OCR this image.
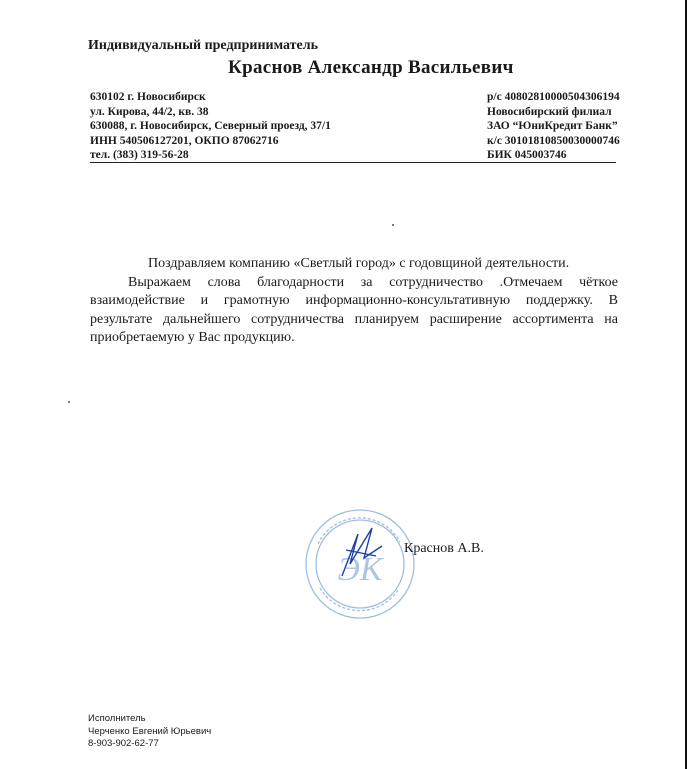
Индивидуальный предприниматель
Краснов Александр Васильевич
630102 г. Новосибирск
ул. Кирова, 44/2, кв. 38
630088, г. Новосибирск, Северный проезд, 37/1
ИНН 540506127201, ОКПО 87062716
тел. (383) 319-56-28
р/с 40802810000504306194
Новосибирский филиал
ЗАО “ЮниКредит Банк”
к/с 30101810850030000746
БИК 045003746
Поздравляем компанию «Светлый город» с годовщиной деятельности.
Выражаем слова благодарности за сотрудничество .Отмечаем чёткое взаимодействие и грамотную информационно-консультативную поддержку. В результате дальнейшего сотрудничества планируем расширение ассортимента на приобретаемую у Вас продукцию.
ЭК
Краснов А.В.
Исполнитель
Черченко Евгений Юрьевич
8-903-902-62-77
